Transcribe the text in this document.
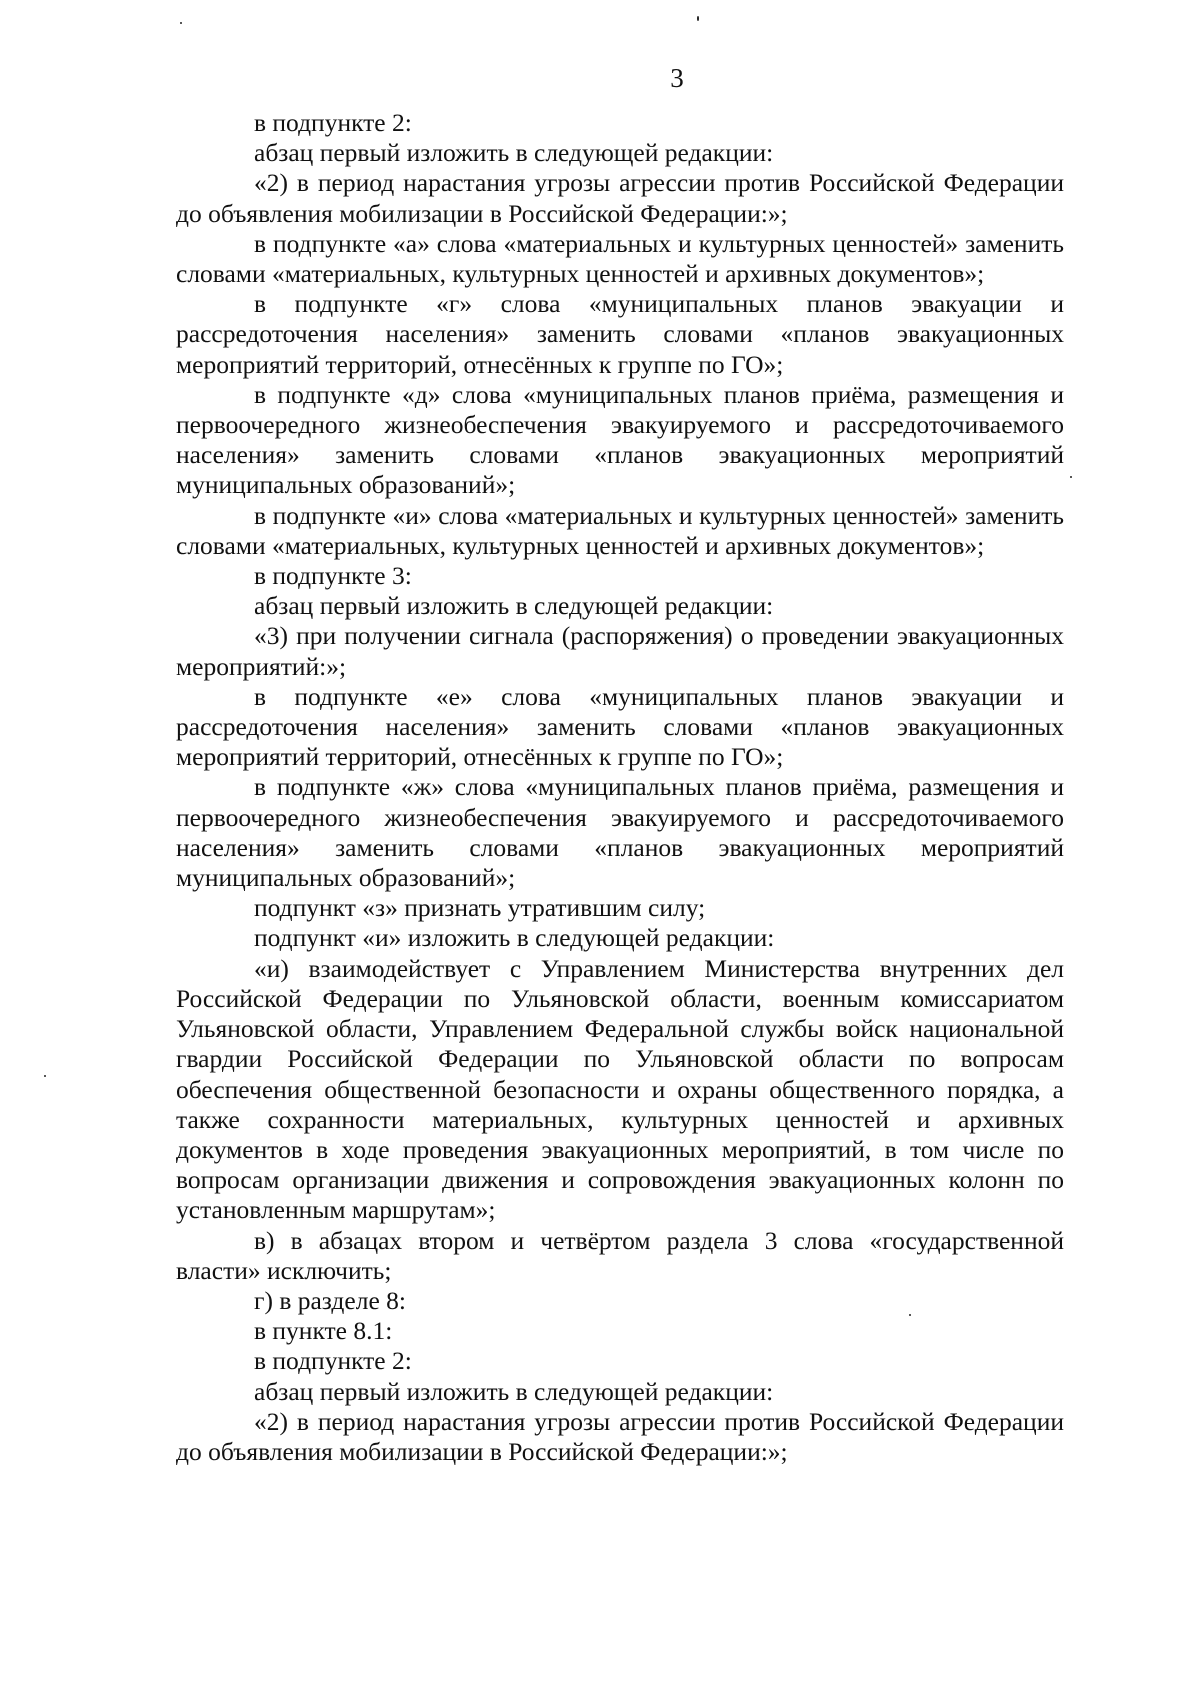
3

в подпункте 2:

абзац первый изложить в следующей редакции:

«2) в период нарастания угрозы агрессии против Российской Федерации до объявления мобилизации в Российской Федерации:»;

в подпункте «а» слова «материальных и культурных ценностей» заменить словами «материальных, культурных ценностей и архивных документов»;

в подпункте «г» слова «муниципальных планов эвакуации и рассредоточения населения» заменить словами «планов эвакуационных мероприятий территорий, отнесённых к группе по ГО»;

в подпункте «д» слова «муниципальных планов приёма, размещения и первоочередного жизнеобеспечения эвакуируемого и рассредоточиваемого населения» заменить словами «планов эвакуационных мероприятий муниципальных образований»;

в подпункте «и» слова «материальных и культурных ценностей» заменить словами «материальных, культурных ценностей и архивных документов»;

в подпункте 3:

абзац первый изложить в следующей редакции:

«3) при получении сигнала (распоряжения) о проведении эвакуационных мероприятий:»;

в подпункте «е» слова «муниципальных планов эвакуации и рассредоточения населения» заменить словами «планов эвакуационных мероприятий территорий, отнесённых к группе по ГО»;

в подпункте «ж» слова «муниципальных планов приёма, размещения и первоочередного жизнеобеспечения эвакуируемого и рассредоточиваемого населения» заменить словами «планов эвакуационных мероприятий муниципальных образований»;

подпункт «з» признать утратившим силу;

подпункт «и» изложить в следующей редакции:

«и) взаимодействует с Управлением Министерства внутренних дел Российской Федерации по Ульяновской области, военным комиссариатом Ульяновской области, Управлением Федеральной службы войск национальной гвардии Российской Федерации по Ульяновской области по вопросам обеспечения общественной безопасности и охраны общественного порядка, а также сохранности материальных, культурных ценностей и архивных документов в ходе проведения эвакуационных мероприятий, в том числе по вопросам организации движения и сопровождения эвакуационных колонн по установленным маршрутам»;

в) в абзацах втором и четвёртом раздела 3 слова «государственной власти» исключить;

г) в разделе 8:

в пункте 8.1:

в подпункте 2:

абзац первый изложить в следующей редакции:

«2) в период нарастания угрозы агрессии против Российской Федерации до объявления мобилизации в Российской Федерации:»;
